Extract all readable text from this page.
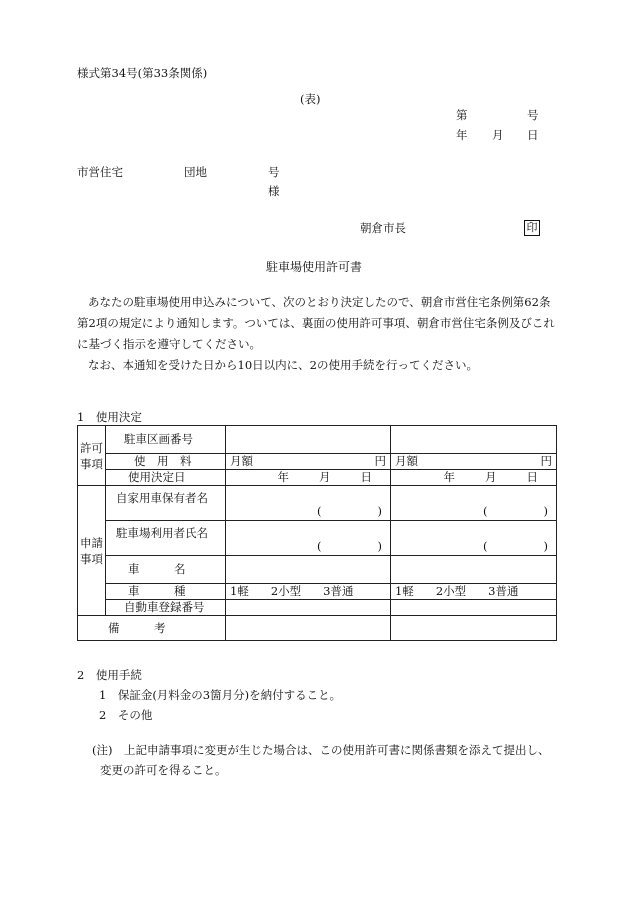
様式第34号(第33条関係)
(表)
第	号
年 月 日
市営住宅	団地	号
様
朝倉市長	印
駐車場使用許可書
あなたの駐車場使用申込みについて、次のとおり決定したので、朝倉市営住宅条例第62条第2項の規定により通知します。ついては、裏面の使用許可事項、朝倉市営住宅条例及びこれに基づく指示を遵守してください。
なお、本通知を受けた日から10日以内に、2の使用手続を行ってください。
1　使用決定
許可事項	駐車区画番号		
	使　用　料	月額 円	月額 円

	使用決定日	年 月 日	年 月 日

申請事項	自家用車保有者名	( )	( )

	駐車場利用者氏名	( )	( )

	車　　　名		
	車　　　種	1軽 2小型 3普通	1軽 2小型 3普通

	自動車登録番号		
備　　　考			
2　使用手続
1　保証金(月料金の3箇月分)を納付すること。
2　その他
(注)　上記申請事項に変更が生じた場合は、この使用許可書に関係書類を添えて提出し、
変更の許可を得ること。
